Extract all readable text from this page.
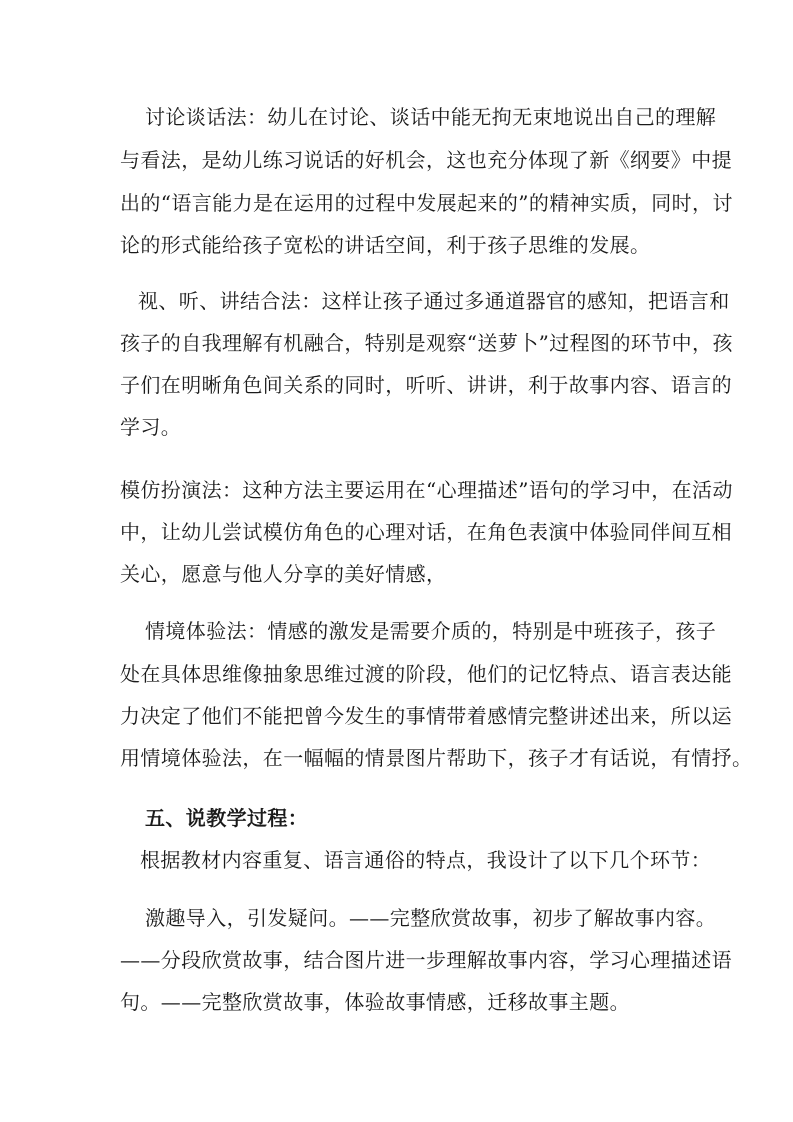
讨论谈话法：幼儿在讨论、谈话中能无拘无束地说出自己的理解
与看法，是幼儿练习说话的好机会，这也充分体现了新《纲要》中提
出的“语言能力是在运用的过程中发展起来的”的精神实质，同时，讨
论的形式能给孩子宽松的讲话空间，利于孩子思维的发展。
视、听、讲结合法：这样让孩子通过多通道器官的感知，把语言和
孩子的自我理解有机融合，特别是观察“送萝卜”过程图的环节中，孩
子们在明晰角色间关系的同时，听听、讲讲，利于故事内容、语言的
学习。
模仿扮演法：这种方法主要运用在“心理描述”语句的学习中，在活动
中，让幼儿尝试模仿角色的心理对话，在角色表演中体验同伴间互相
关心，愿意与他人分享的美好情感，
情境体验法：情感的激发是需要介质的，特别是中班孩子，孩子
处在具体思维像抽象思维过渡的阶段，他们的记忆特点、语言表达能
力决定了他们不能把曾今发生的事情带着感情完整讲述出来，所以运
用情境体验法，在一幅幅的情景图片帮助下，孩子才有话说，有情抒。
五、说教学过程：
根据教材内容重复、语言通俗的特点，我设计了以下几个环节：
激趣导入，引发疑问。——完整欣赏故事，初步了解故事内容。
——分段欣赏故事，结合图片进一步理解故事内容，学习心理描述语
句。——完整欣赏故事，体验故事情感，迁移故事主题。
